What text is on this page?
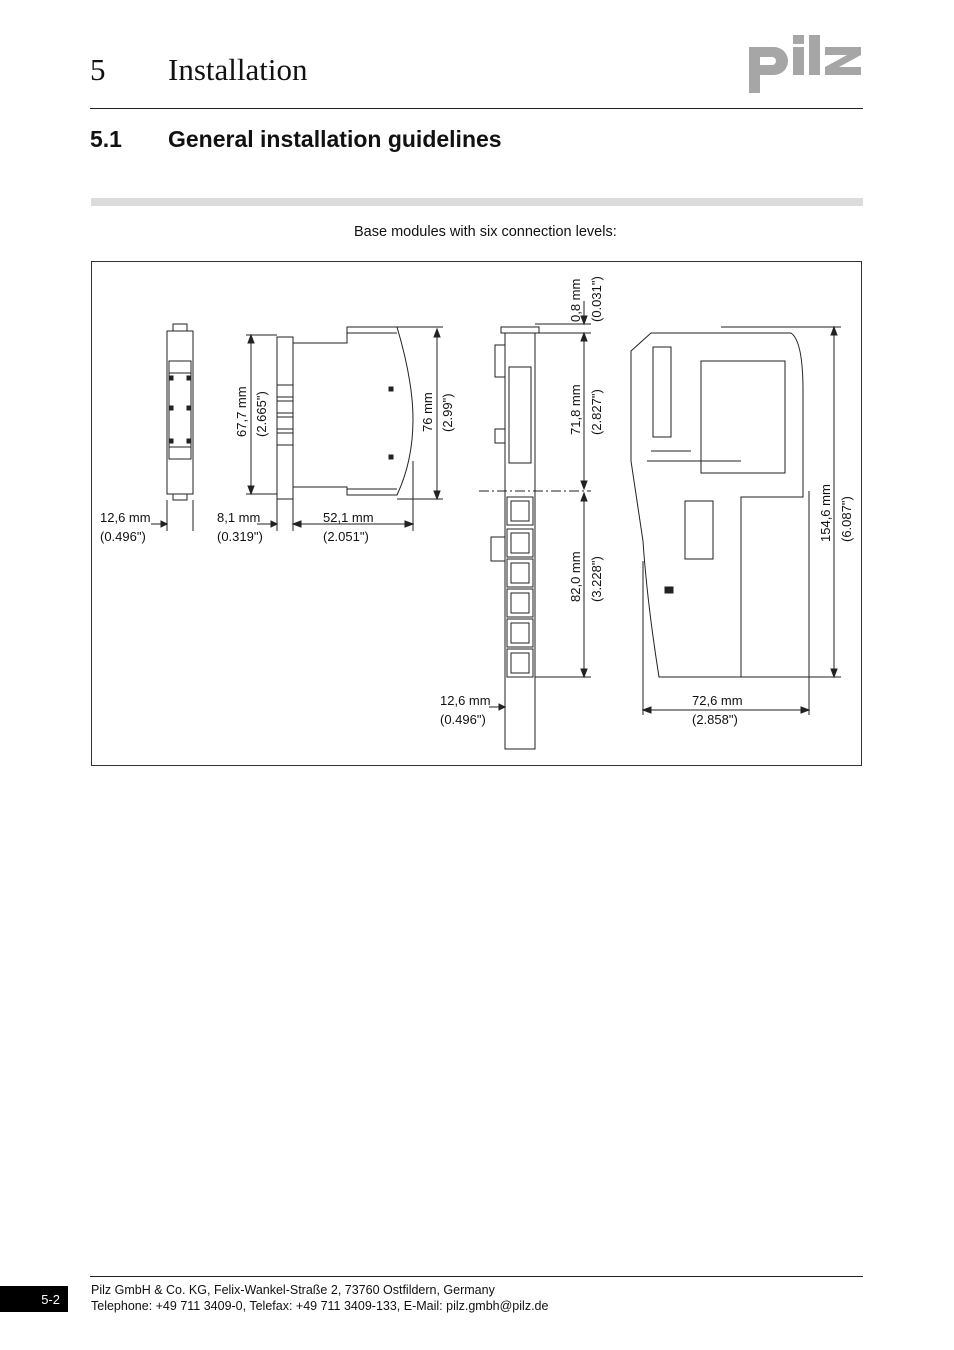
5 Installation
5.1 General installation guidelines
Base modules with six connection levels:
12,6 mm
(0.496")
8,1 mm
(0.319")
52,1 mm
(2.051")
12,6 mm
(0.496")
72,6 mm
(2.858")
67,7 mm (2.665")	76 mm (2.99")
0,8 mm (0.031")
71,8 mm (2.827")
82,0 mm (3.228")
154,6 mm (6.087")
5-2
Pilz GmbH & Co. KG, Felix-Wankel-Straße 2, 73760 Ostfildern, Germany
Telephone: +49 711 3409-0, Telefax: +49 711 3409-133, E-Mail: pilz.gmbh@pilz.de
